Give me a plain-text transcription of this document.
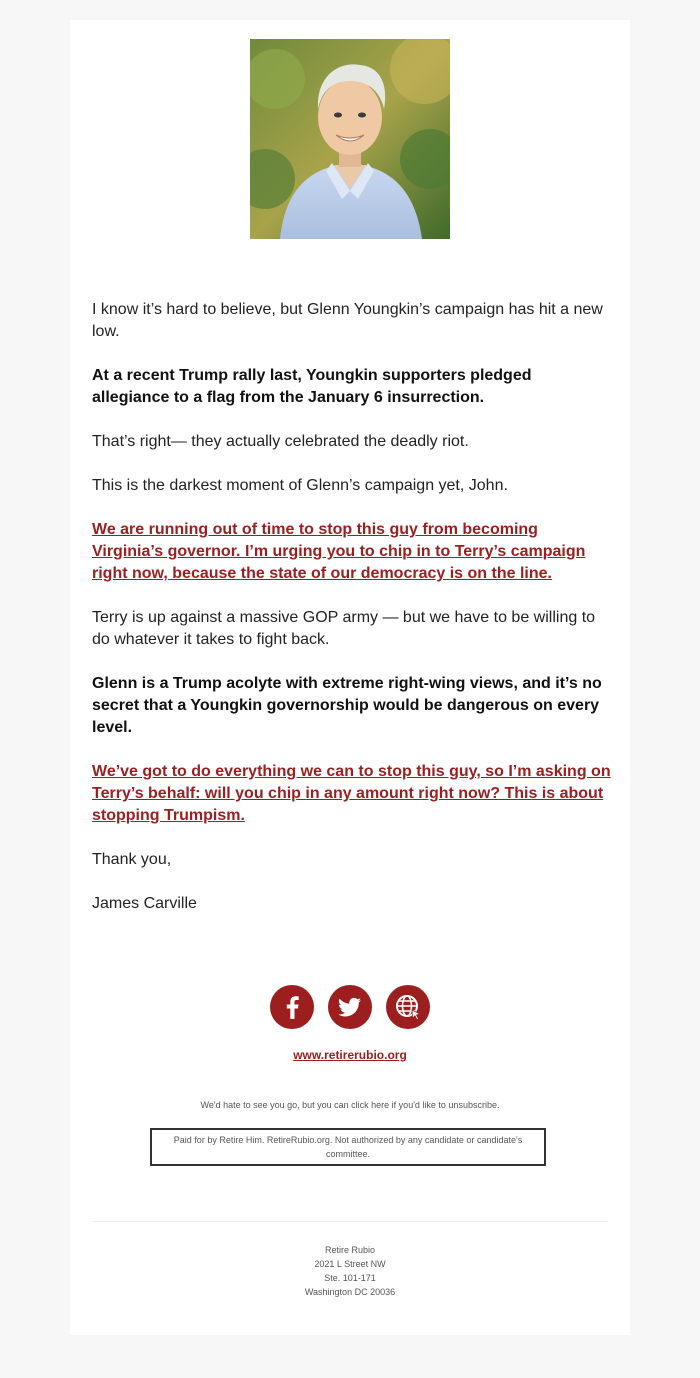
I know it’s hard to believe, but Glenn Youngkin’s campaign has hit a new low.

At a recent Trump rally last, Youngkin supporters pledged allegiance to a flag from the January 6 insurrection.

That’s right— they actually celebrated the deadly riot.

This is the darkest moment of Glenn’s campaign yet, John.

We are running out of time to stop this guy from becoming Virginia’s governor. I’m urging you to chip in to Terry’s campaign right now, because the state of our democracy is on the line.

Terry is up against a massive GOP army — but we have to be willing to do whatever it takes to fight back.

Glenn is a Trump acolyte with extreme right-wing views, and it’s no secret that a Youngkin governorship would be dangerous on every level.

We’ve got to do everything we can to stop this guy, so I’m asking on Terry’s behalf: will you chip in any amount right now? This is about stopping Trumpism.

Thank you,

James Carville

www.retirerubio.org
We'd hate to see you go, but you can click here if you'd like to unsubscribe.
Paid for by Retire Him. RetireRubio.org. Not authorized by any candidate or candidate's committee.
Retire Rubio
2021 L Street NW
Ste. 101-171
Washington DC 20036
